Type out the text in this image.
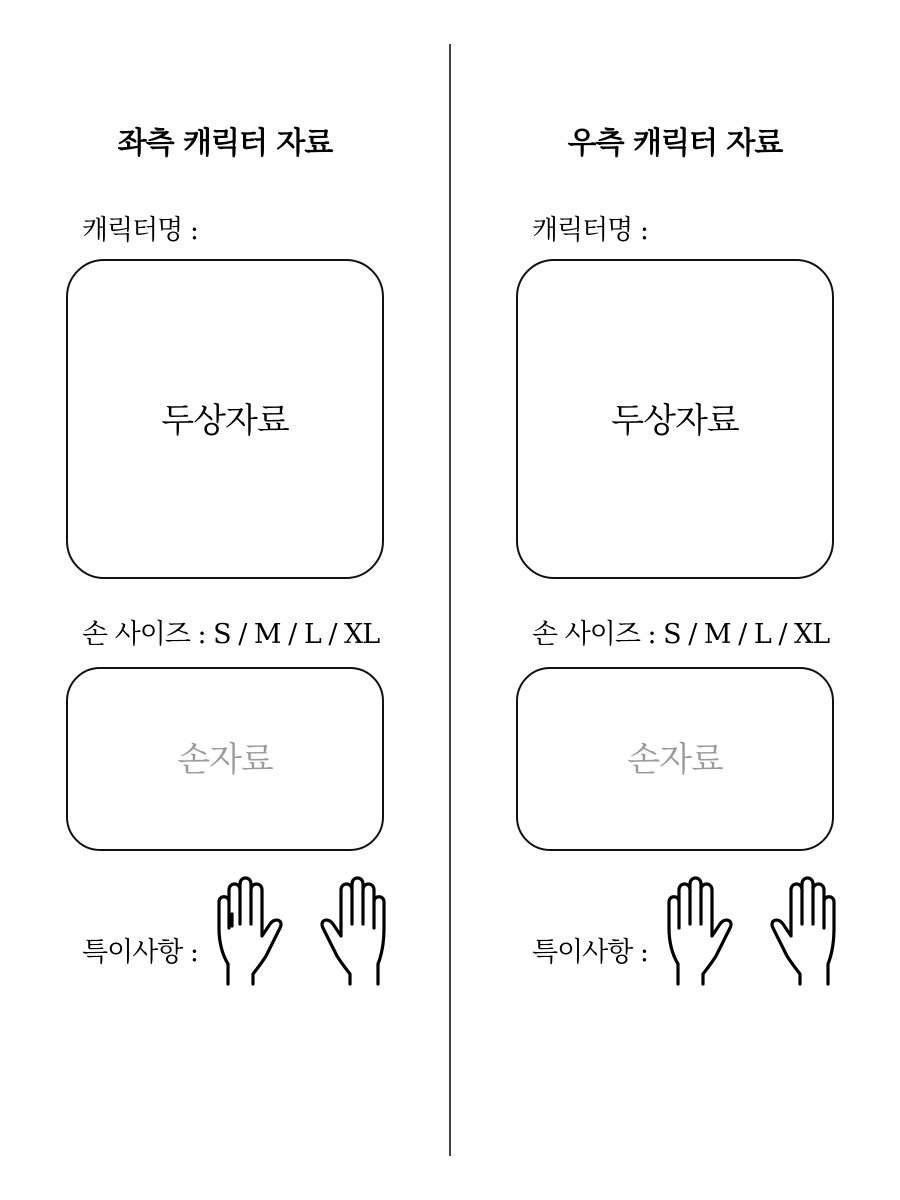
좌측 캐릭터 자료
캐릭터명 :
두상자료
손 사이즈 : S / M / L / XL
손자료
특이사항 :
우측 캐릭터 자료
캐릭터명 :
두상자료
손 사이즈 : S / M / L / XL
손자료
특이사항 :
